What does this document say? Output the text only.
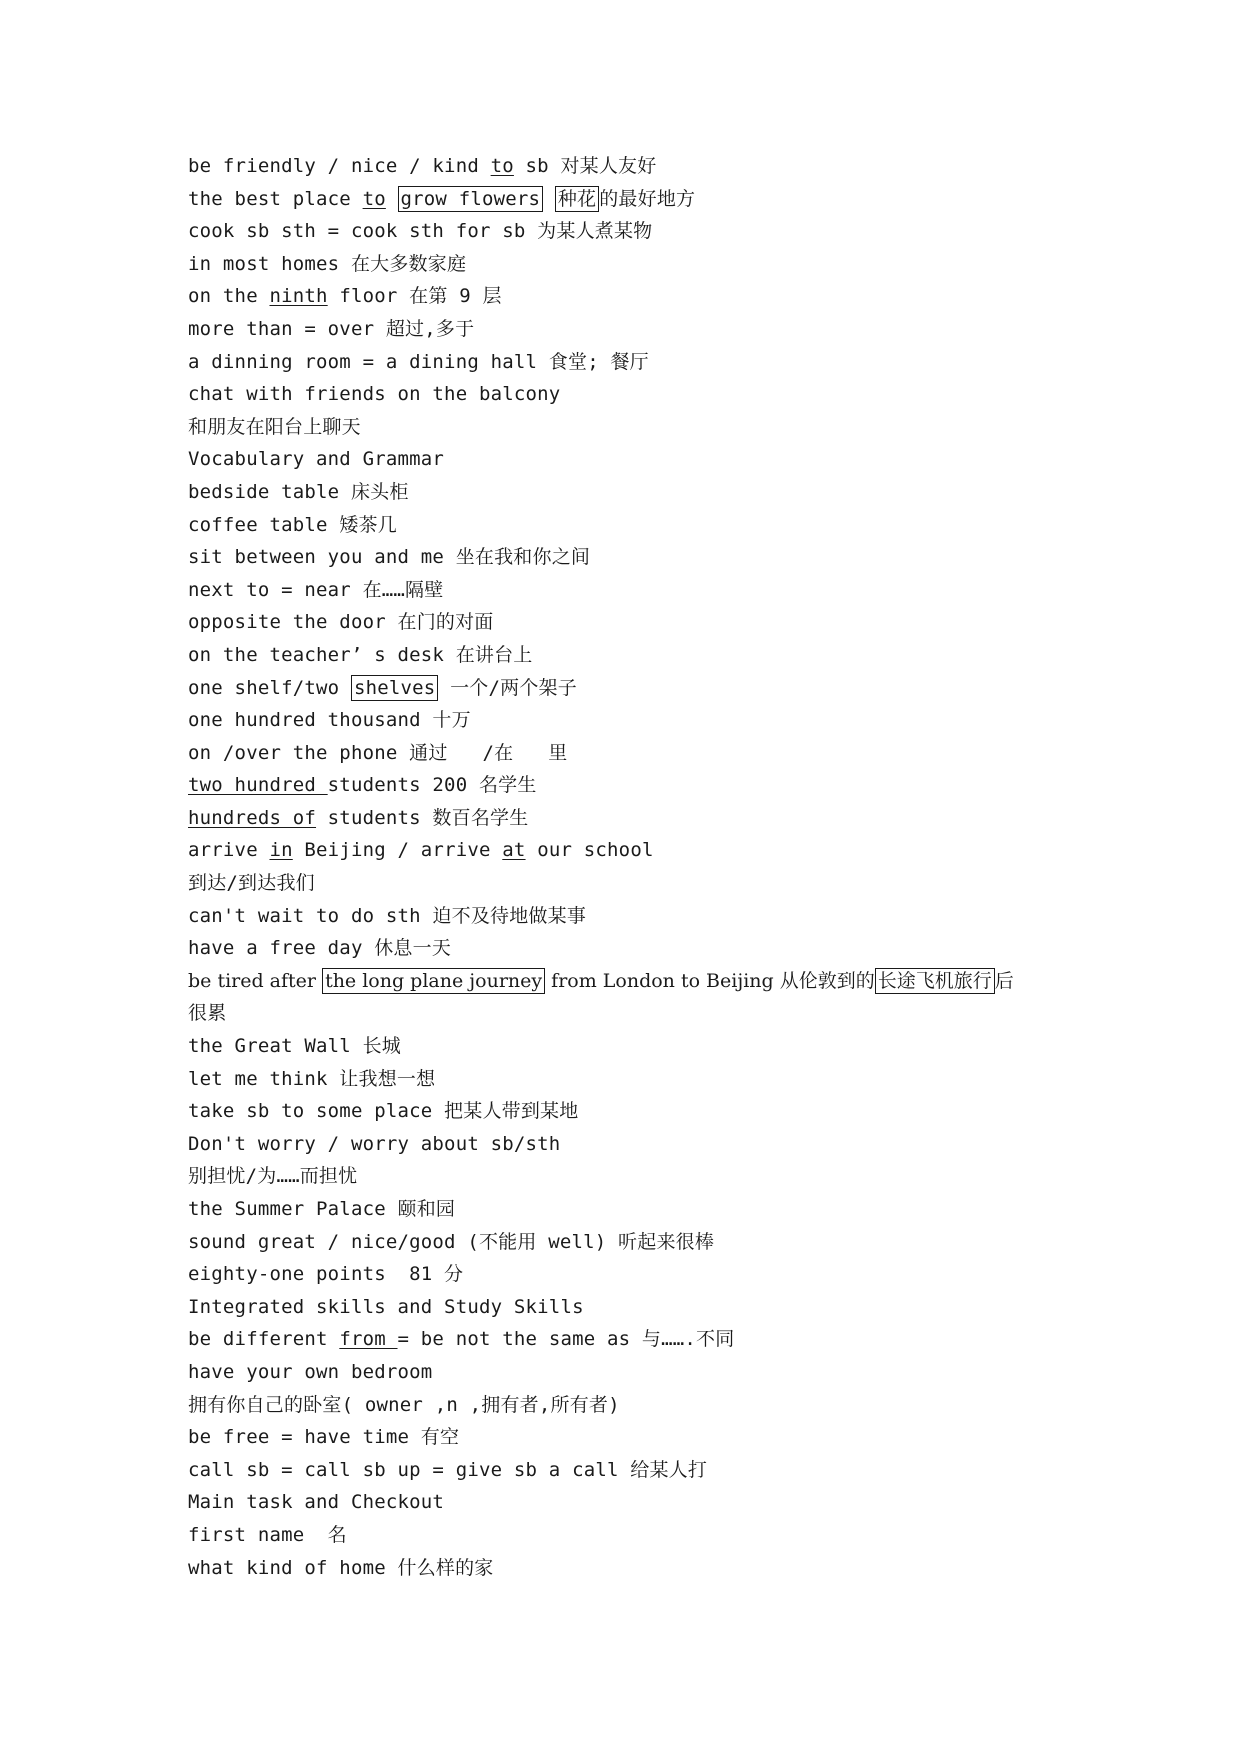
be friendly / nice / kind to sb 对某人友好
the best place to grow flowers 种花 的最好地方
cook sb sth = cook sth for sb 为某人煮某物
in most homes 在大多数家庭
on the ninth floor 在第 9 层
more than = over 超过,多于
a dinning room = a dining hall 食堂; 餐厅
chat with friends on the balcony
和朋友在阳台上聊天
Vocabulary and Grammar
bedside table 床头柜
coffee table 矮茶几
sit between you and me 坐在我和你之间
next to = near 在……隔壁
opposite the door 在门的对面
on the teacher’ s desk 在讲台上
one shelf/two shelves 一个/两个架子
one hundred thousand 十万
on /over the phone 通过   /在   里
two hundred students 200 名学生
hundreds of students 数百名学生
arrive in Beijing / arrive at our school
到达/到达我们
can't wait to do sth 迫不及待地做某事
have a free day 休息一天
be tired after the long plane journey from London to Beijing 从伦敦到的 长途飞机旅行 后
很累
the Great Wall 长城
let me think 让我想一想
take sb to some place 把某人带到某地
Don't worry / worry about sb/sth
别担忧/为……而担忧
the Summer Palace 颐和园
sound great / nice/good (不能用 well) 听起来很棒
eighty-one points  81 分
Integrated skills and Study Skills
be different from = be not the same as 与…….不同
have your own bedroom
拥有你自己的卧室( owner ,n ,拥有者,所有者)
be free = have time 有空
call sb = call sb up = give sb a call 给某人打
Main task and Checkout
first name  名
what kind of home 什么样的家
